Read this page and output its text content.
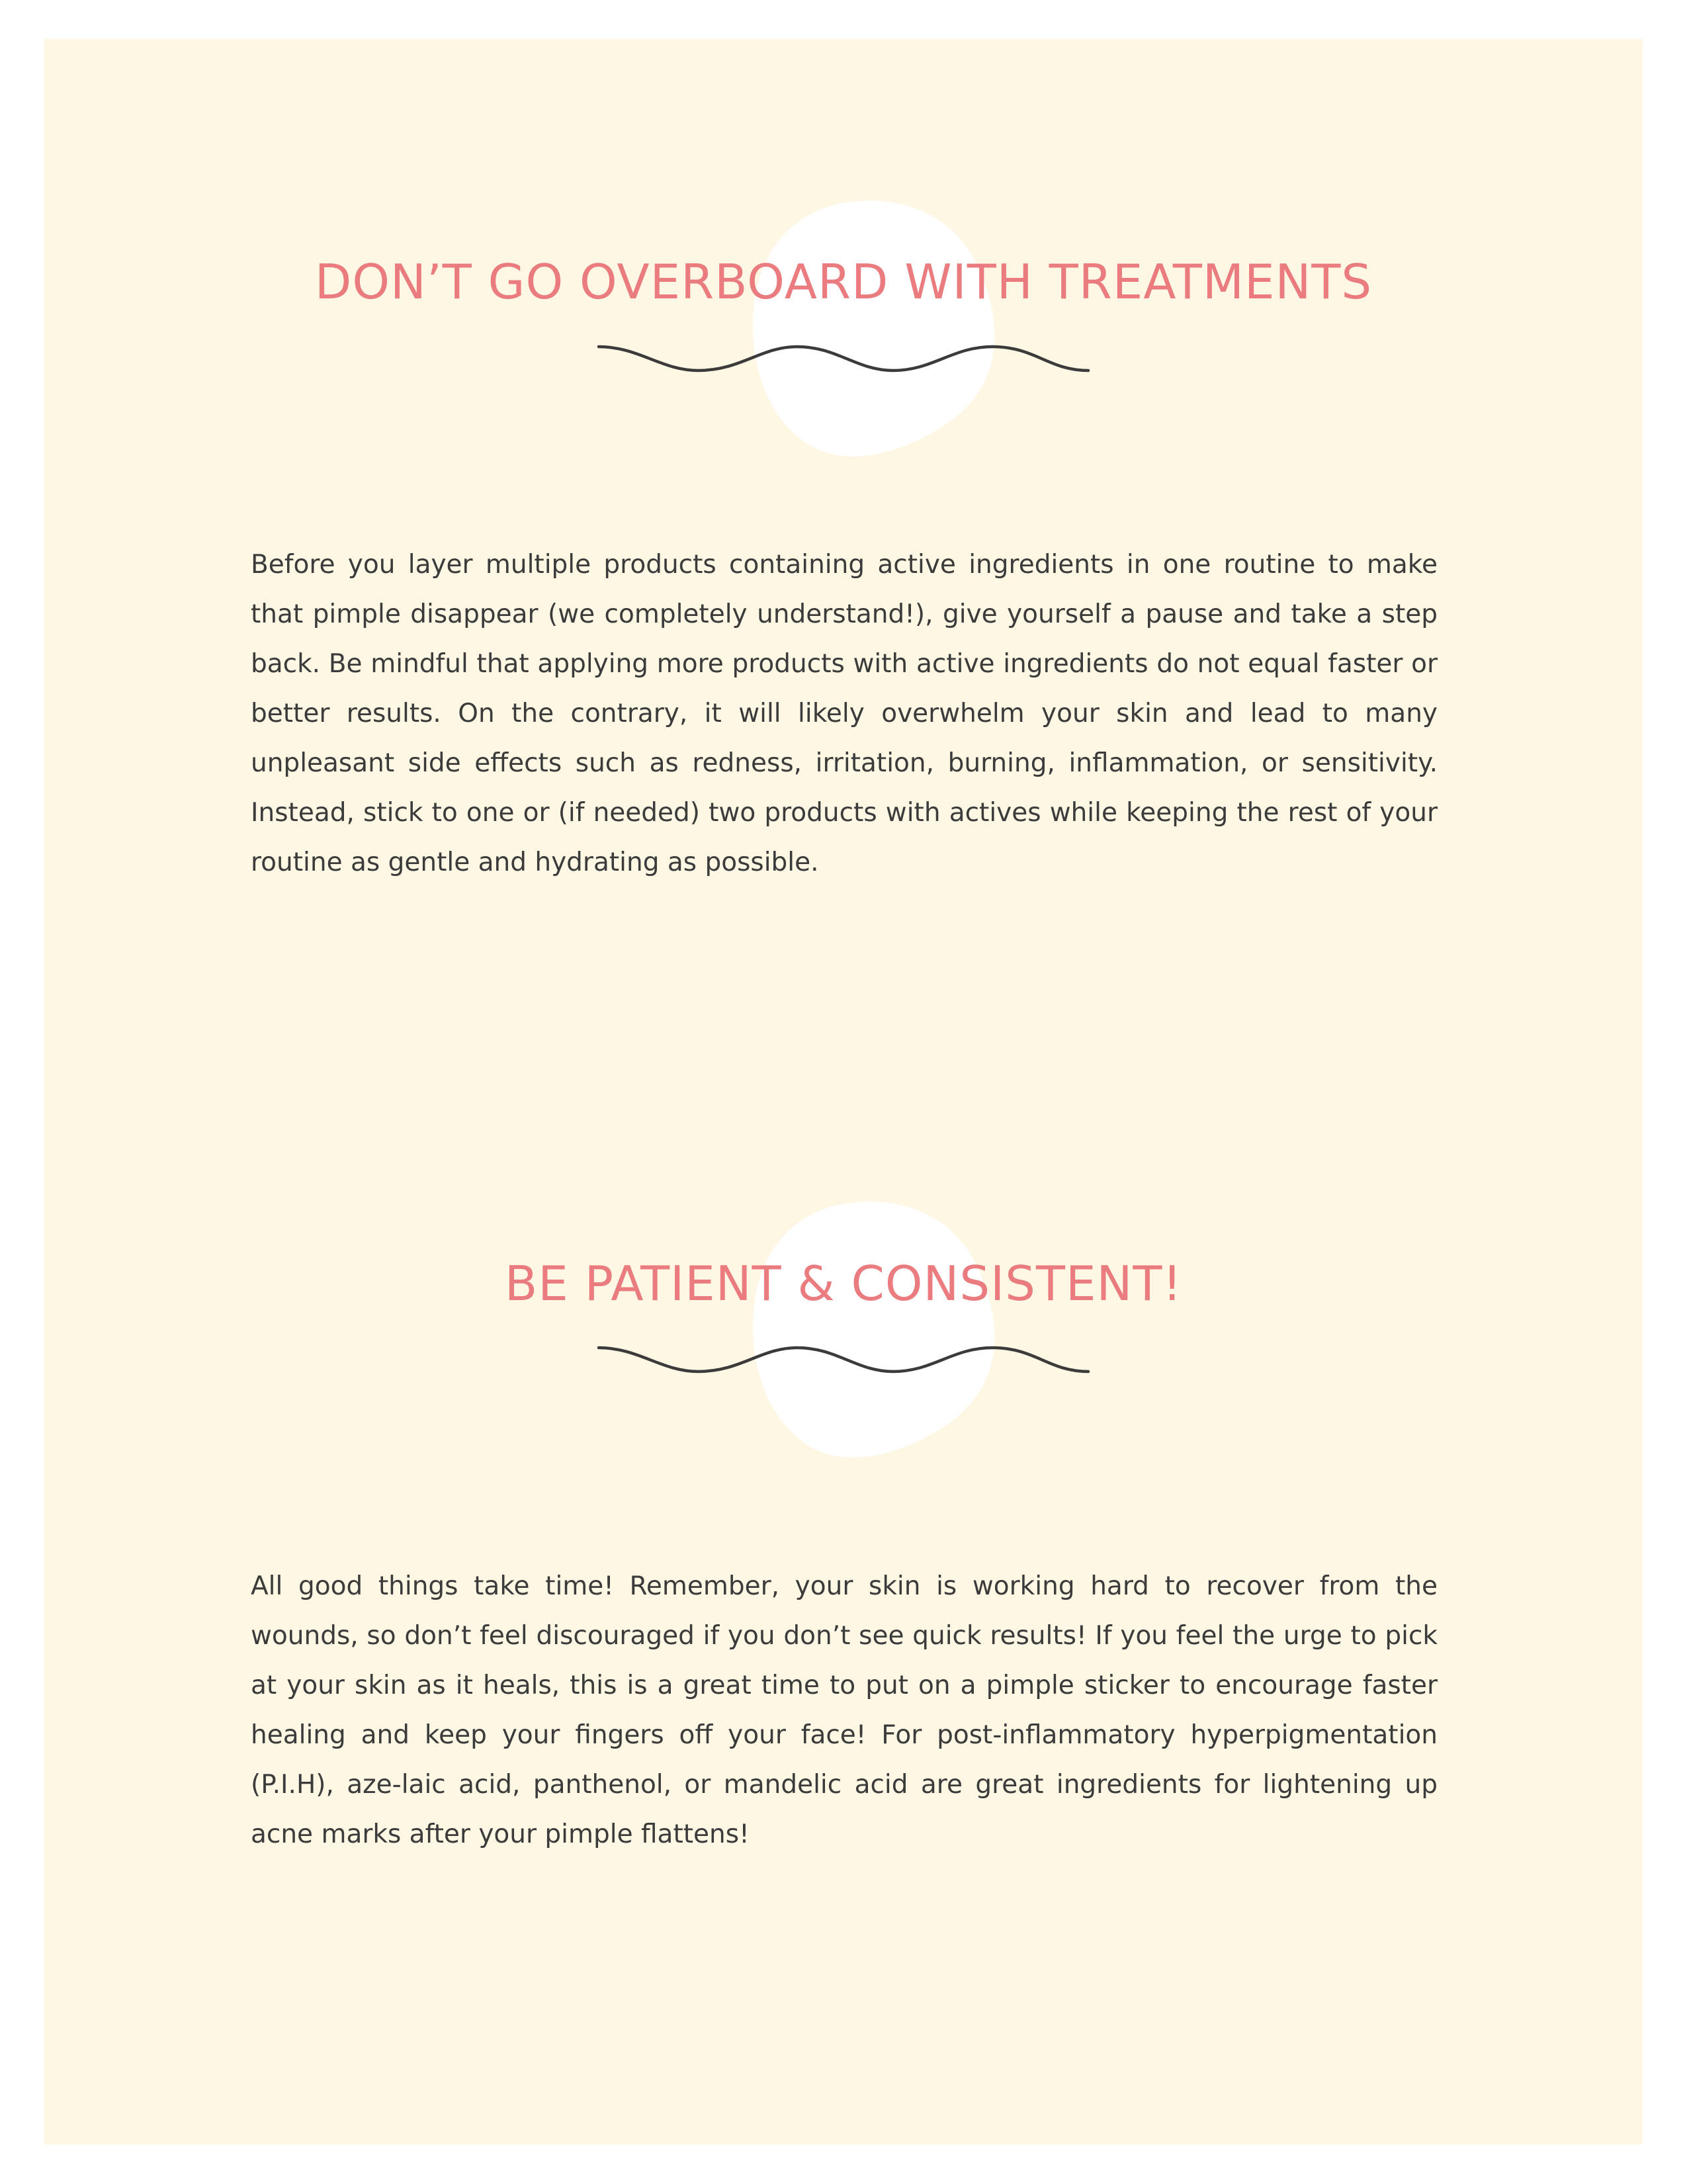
DON’T GO OVERBOARD WITH TREATMENTS

Before you layer multiple products containing active ingredients in one routine to make that pimple disappear (we completely understand!), give yourself a pause and take a step back. Be mindful that applying more products with active ingredients do not equal faster or better results. On the contrary, it will likely overwhelm your skin and lead to many unpleasant side effects such as redness, irritation, burning, inflammation, or sensitivity. Instead, stick to one or (if needed) two products with actives while keeping the rest of your routine as gentle and hydrating as possible.

BE PATIENT & CONSISTENT!

All good things take time! Remember, your skin is working hard to recover from the wounds, so don’t feel discouraged if you don’t see quick results! If you feel the urge to pick at your skin as it heals, this is a great time to put on a pimple sticker to encourage faster healing and keep your fingers off your face! For post-inflammatory hyperpigmentation (P.I.H), aze-laic acid, panthenol, or mandelic acid are great ingredients for lightening up acne marks after your pimple flattens!
